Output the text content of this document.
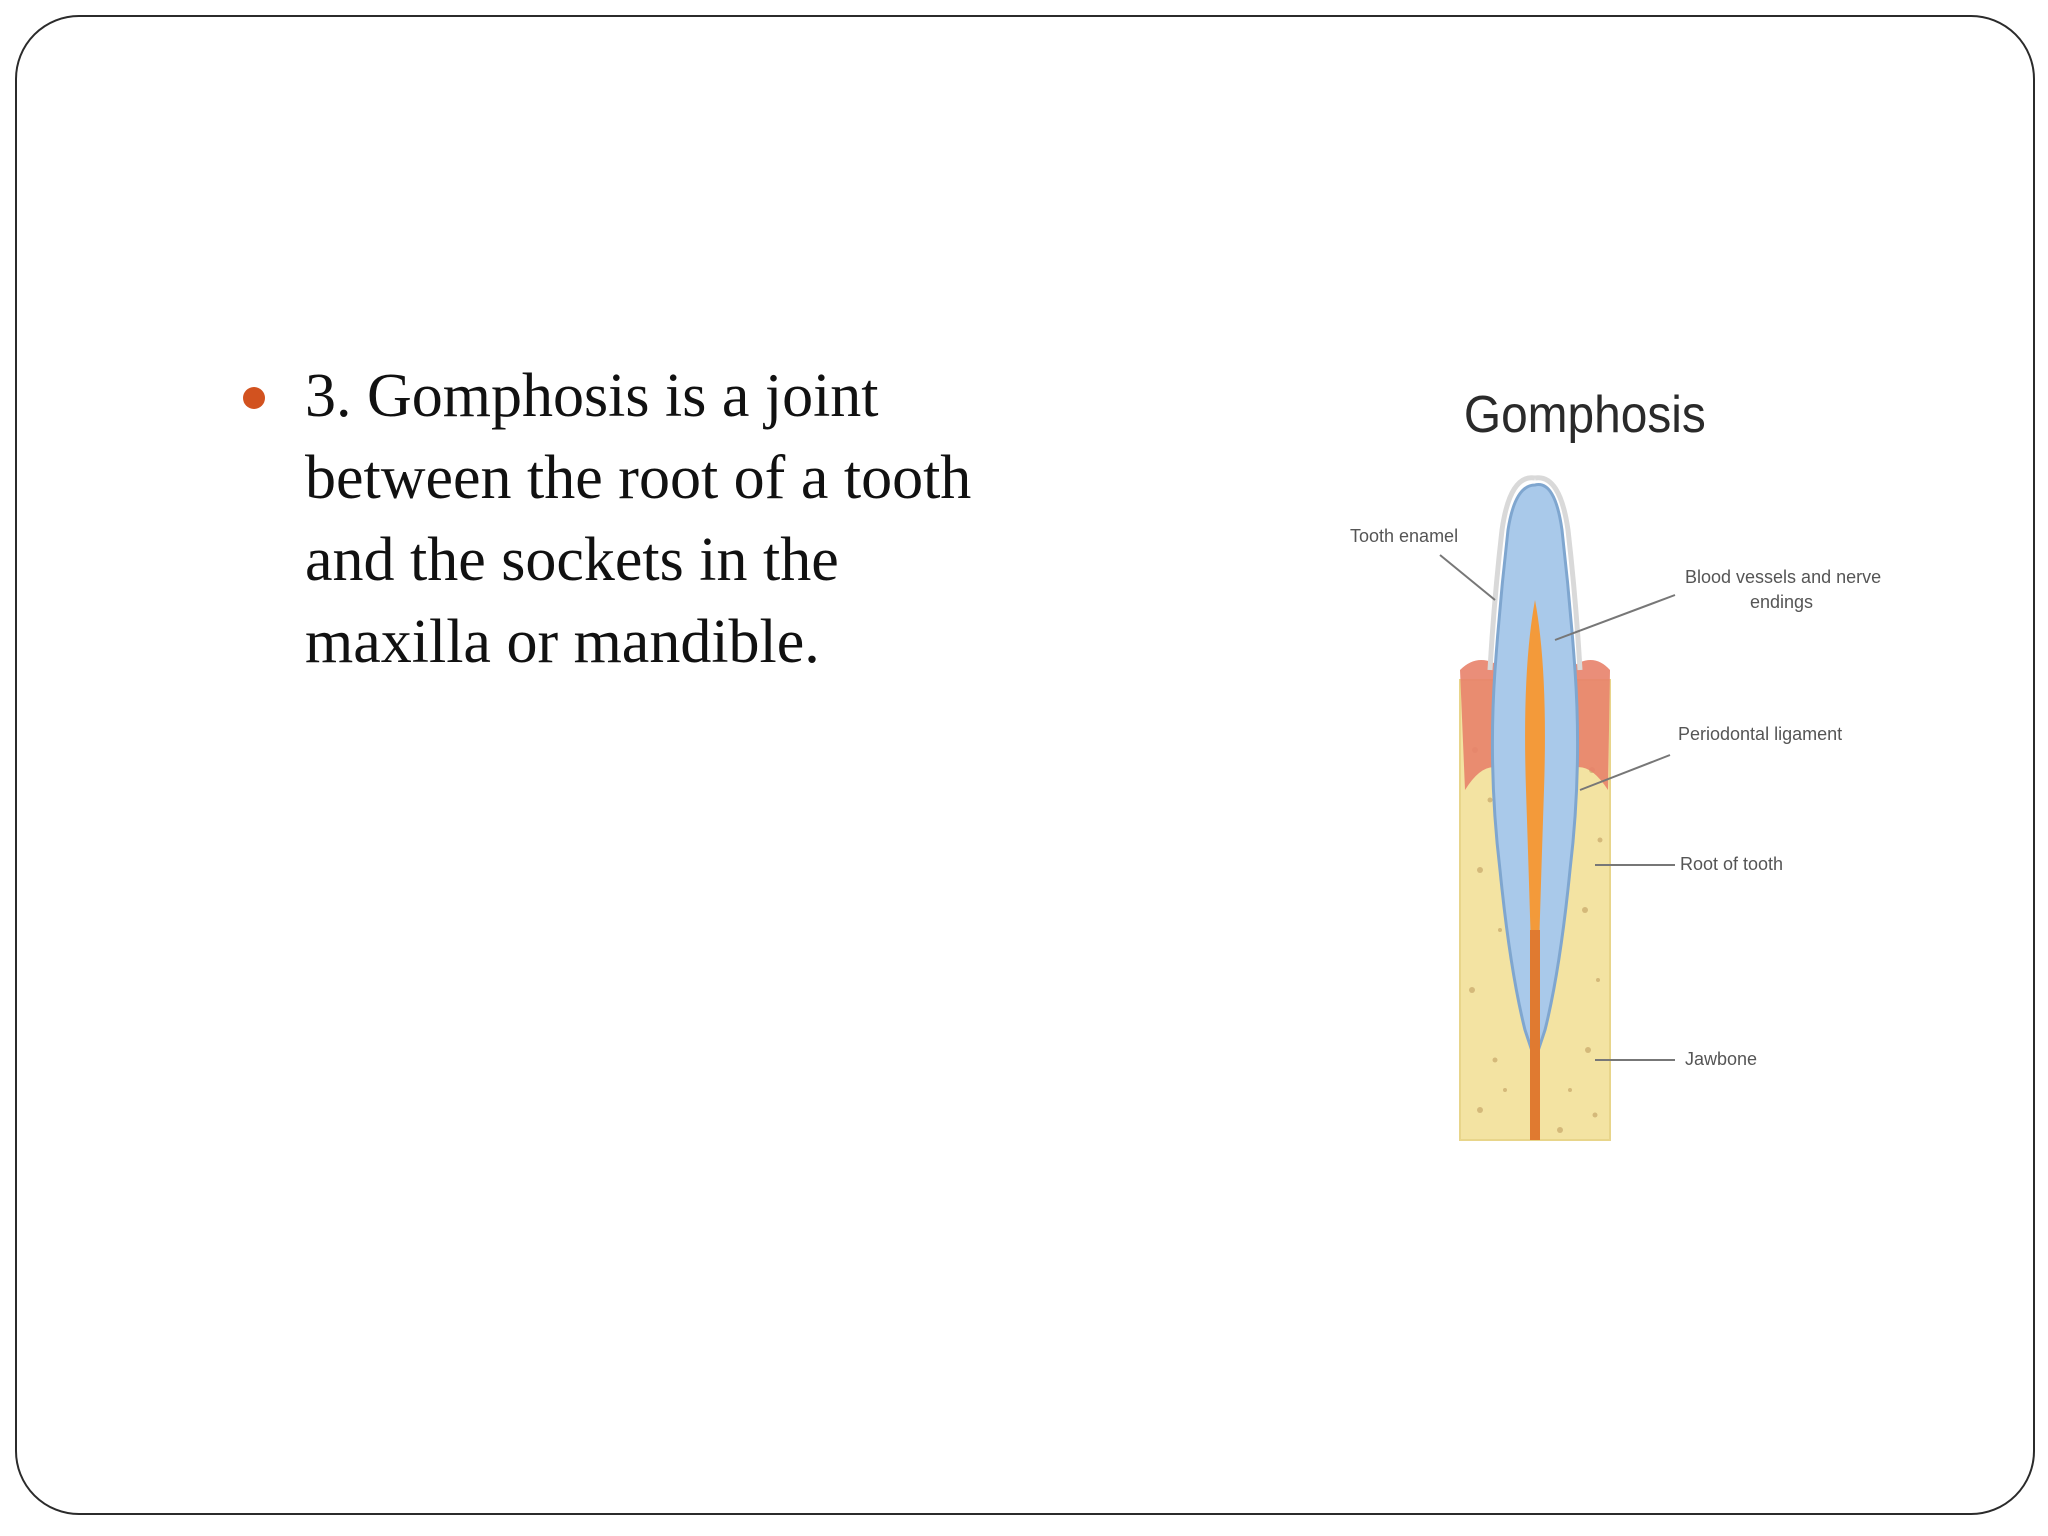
3. Gomphosis is a joint
between the root of a tooth
and the sockets in the
maxilla or mandible.
Gomphosis
Tooth enamel
Blood vessels and nerve
endings
Periodontal ligament
Root of tooth
Jawbone
